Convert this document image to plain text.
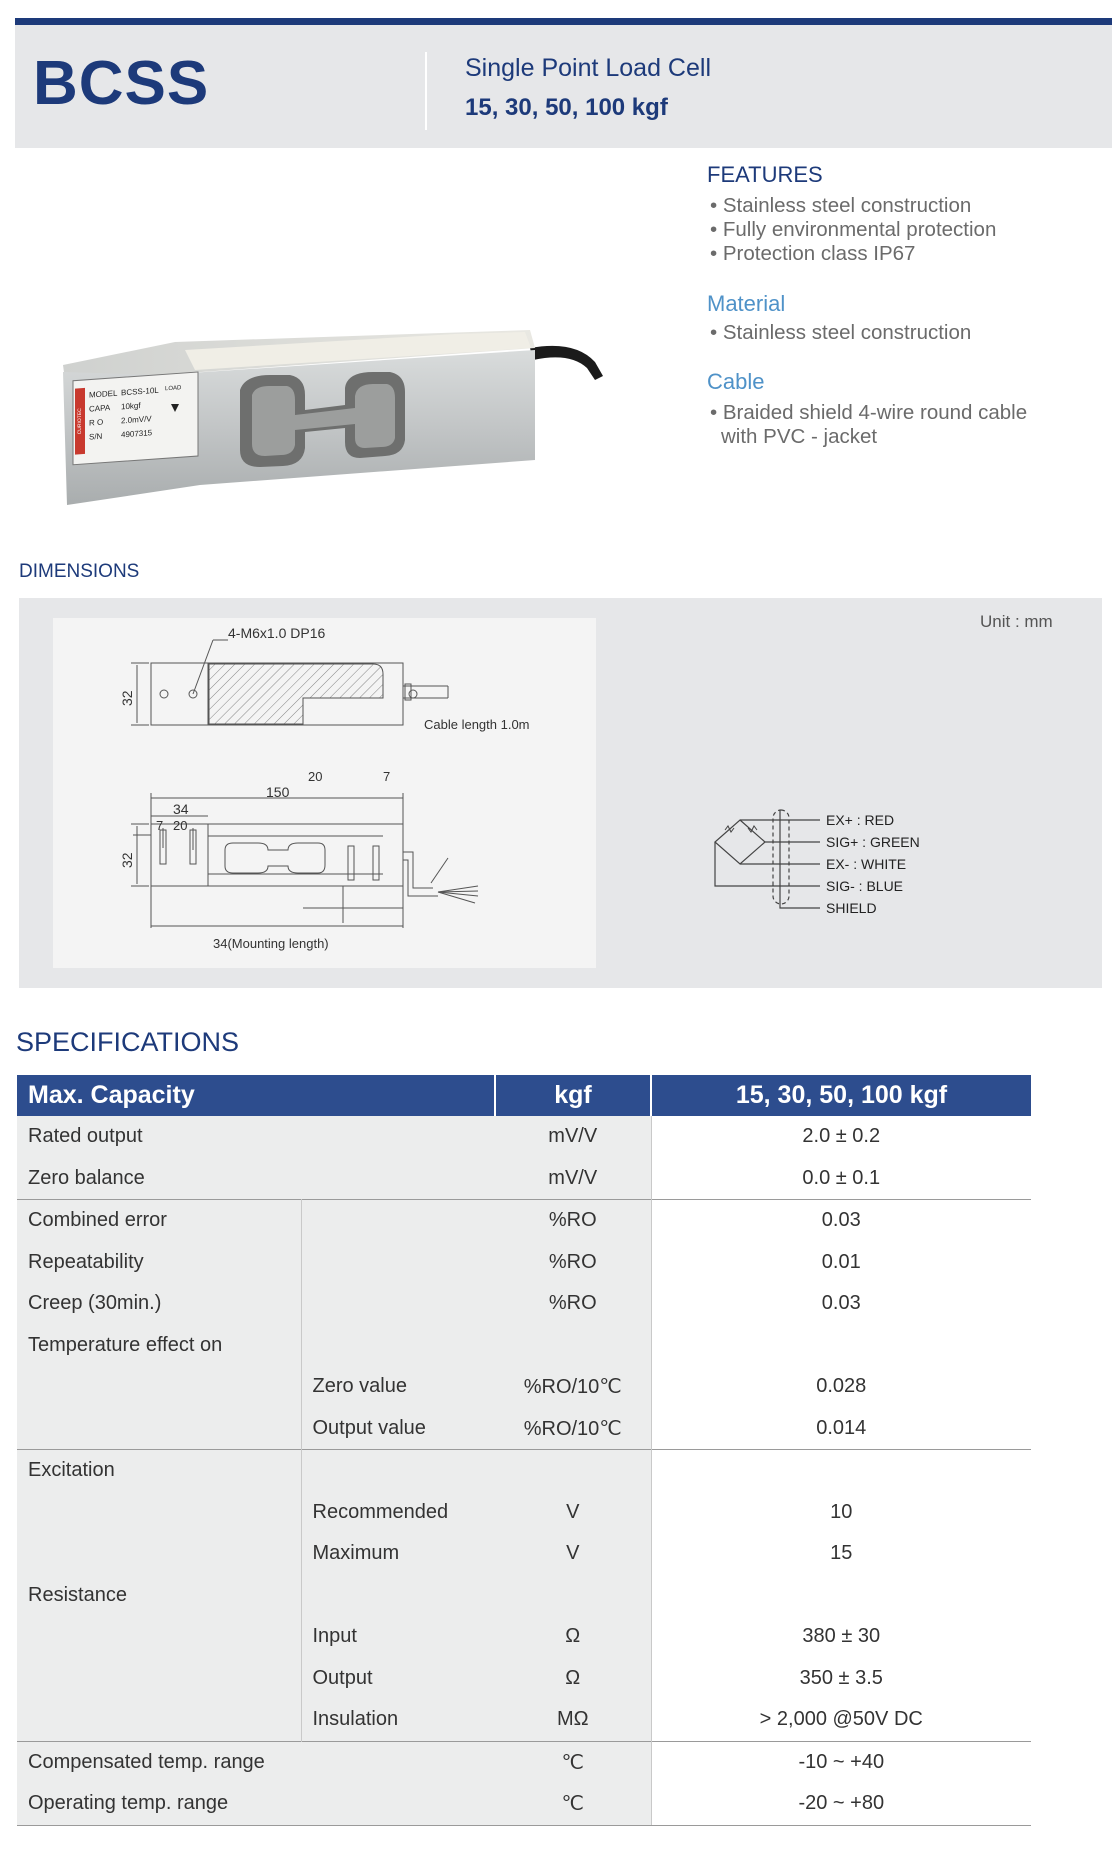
BCSS	Single Point Load Cell
15, 30, 50, 100 kgf
MODEL BCSS-10L
CAPA 10kgf
R O 2.0mV/V
S/N 4907315
LOAD
CURIOTEC
FEATURES
• Stainless steel construction
• Fully environmental protection
• Protection class IP67
Material
• Stainless steel construction
Cable
• Braided shield 4-wire round cable
with PVC - jacket
DIMENSIONS
Unit : mm
4-M6x1.0 DP16
32
150
34
7 20
32
Cable length 1.0m
20	7
34(Mounting length)
EX+ : RED
SIG+ : GREEN
EX- : WHITE
SIG- : BLUE
SHIELD
SPECIFICATIONS
Max. Capacity		kgf	15, 30, 50, 100 kgf
Rated output		mV/V	2.0 ± 0.2
Zero balance		mV/V	0.0 ± 0.1
Combined error		%RO	0.03
Repeatability		%RO	0.01
Creep (30min.)		%RO	0.03
Temperature effect on			
	Zero value	%RO/10℃	0.028
	Output value	%RO/10℃	0.014
Excitation			
	Recommended	V	10
	Maximum	V	15
Resistance			
	Input	Ω	380 ± 30
	Output	Ω	350 ± 3.5
	Insulation	MΩ	> 2,000 @50V DC
Compensated temp. range		℃	-10 ~ +40
Operating temp. range		℃	-20 ~ +80
